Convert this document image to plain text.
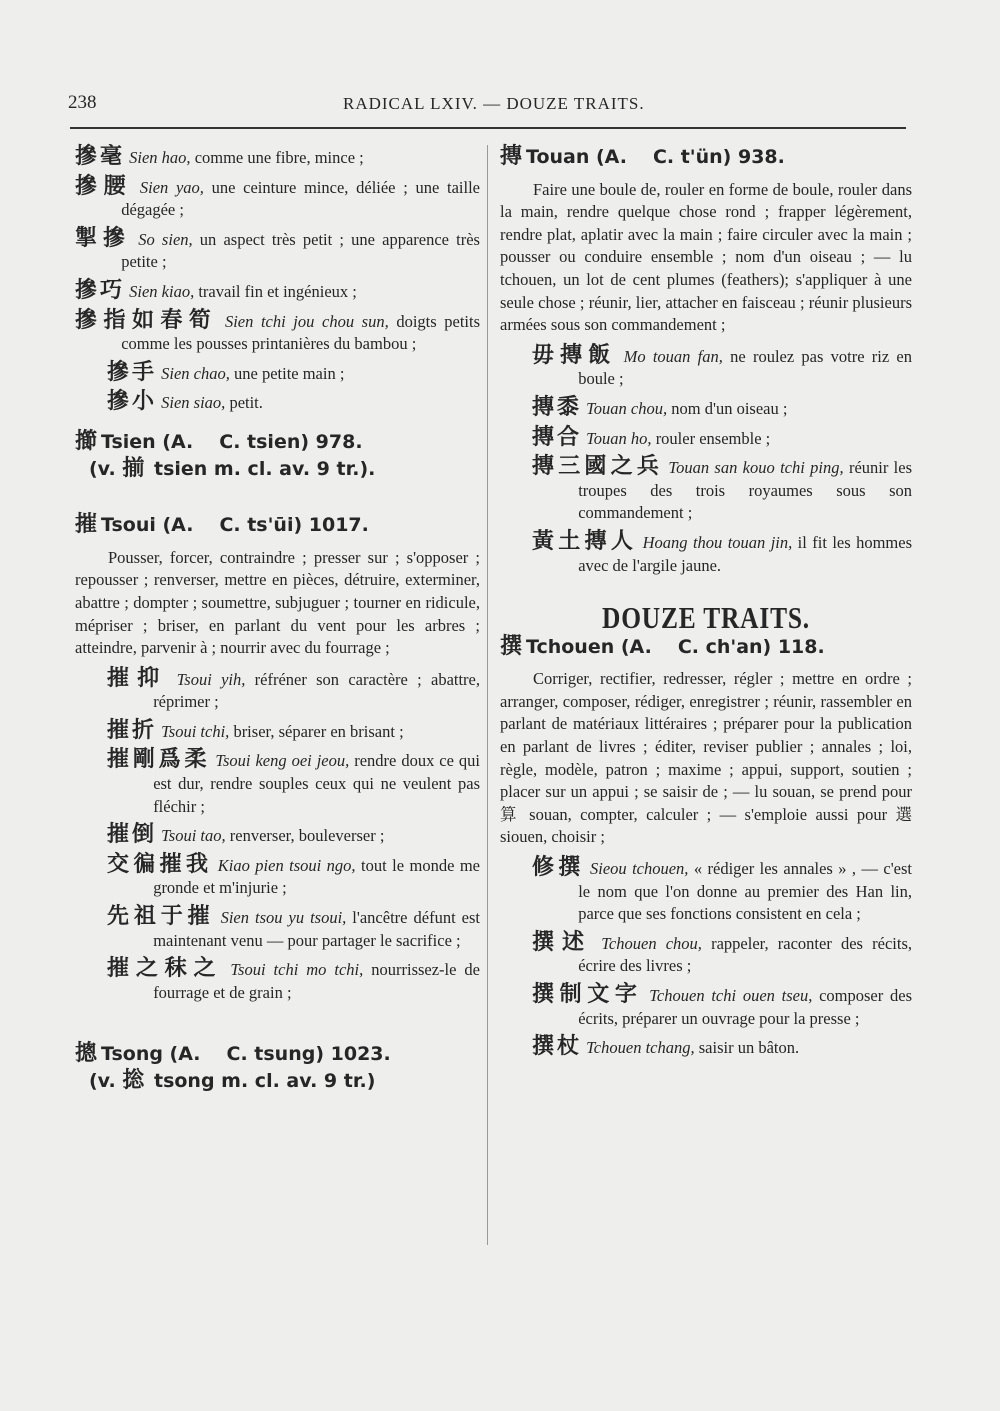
238	RADICAL LXIV. — DOUZE TRAITS.
摻毫 Sien hao, comme une fibre, mince ;
摻腰 Sien yao, une ceinture mince, déliée ; une taille dégagée ;
掣摻 So sien, un aspect très petit ; une apparence très petite ;
摻巧 Sien kiao, travail fin et ingénieux ;
摻指如春筍 Sien tchi jou chou sun, doigts petits comme les pousses printanières du bambou ;
摻手 Sien chao, une petite main ;
摻小 Sien siao, petit.
擳 Tsien (A. C. tsien) 978.
(v. 揃 tsien m. cl. av. 9 tr.).
摧 Tsoui (A. C. ts'ūi) 1017.
Pousser, forcer, contraindre ; presser sur ; s'opposer ; repousser ; renverser, mettre en pièces, détruire, exterminer, abattre ; dompter ; soumettre, subjuguer ; tourner en ridicule, mépriser ; briser, en parlant du vent pour les arbres ; atteindre, parvenir à ; nourrir avec du fourrage ;
摧抑 Tsoui yih, réfréner son caractère ; abattre, réprimer ;
摧折 Tsoui tchi, briser, séparer en brisant ;
摧剛爲柔 Tsoui keng oei jeou, rendre doux ce qui est dur, rendre souples ceux qui ne veulent pas fléchir ;
摧倒 Tsoui tao, renverser, bouleverser ;
交徧摧我 Kiao pien tsoui ngo, tout le monde me gronde et m'injurie ;
先祖于摧 Sien tsou yu tsoui, l'ancêtre défunt est maintenant venu — pour partager le sacrifice ;
摧之秣之 Tsoui tchi mo tchi, nourrissez-le de fourrage et de grain ;
摠 Tsong (A. C. tsung) 1023.
(v. 捴 tsong m. cl. av. 9 tr.)
摶 Touan (A. C. t'ün) 938.
Faire une boule de, rouler en forme de boule, rouler dans la main, rendre quelque chose rond ; frapper légèrement, rendre plat, aplatir avec la main ; faire circuler avec la main ; pousser ou conduire ensemble ; nom d'un oiseau ; — lu tchouen, un lot de cent plumes (feathers); s'appliquer à une seule chose ; réunir, lier, attacher en faisceau ; réunir plusieurs armées sous son commandement ;
毋摶飯 Mo touan fan, ne roulez pas votre riz en boule ;
摶黍 Touan chou, nom d'un oiseau ;
摶合 Touan ho, rouler ensemble ;
摶三國之兵 Touan san kouo tchi ping, réunir les troupes des trois royaumes sous son commandement ;
黃土摶人 Hoang thou touan jin, il fit les hommes avec de l'argile jaune.
DOUZE TRAITS.
撰 Tchouen (A. C. ch'an) 118.
Corriger, rectifier, redresser, régler ; mettre en ordre ; arranger, composer, rédiger, enregistrer ; réunir, rassembler en parlant de matériaux littéraires ; préparer pour la publication en parlant de livres ; éditer, reviser publier ; annales ; loi, règle, modèle, patron ; maxime ; appui, support, soutien ; placer sur un appui ; se saisir de ; — lu souan, se prend pour 算 souan, compter, calculer ; — s'emploie aussi pour 選 siouen, choisir ;
修撰 Sieou tchouen, « rédiger les annales » , — c'est le nom que l'on donne au premier des Han lin, parce que ses fonctions consistent en cela ;
撰述 Tchouen chou, rappeler, raconter des récits, écrire des livres ;
撰制文字 Tchouen tchi ouen tseu, composer des écrits, préparer un ouvrage pour la presse ;
撰杖 Tchouen tchang, saisir un bâton.
